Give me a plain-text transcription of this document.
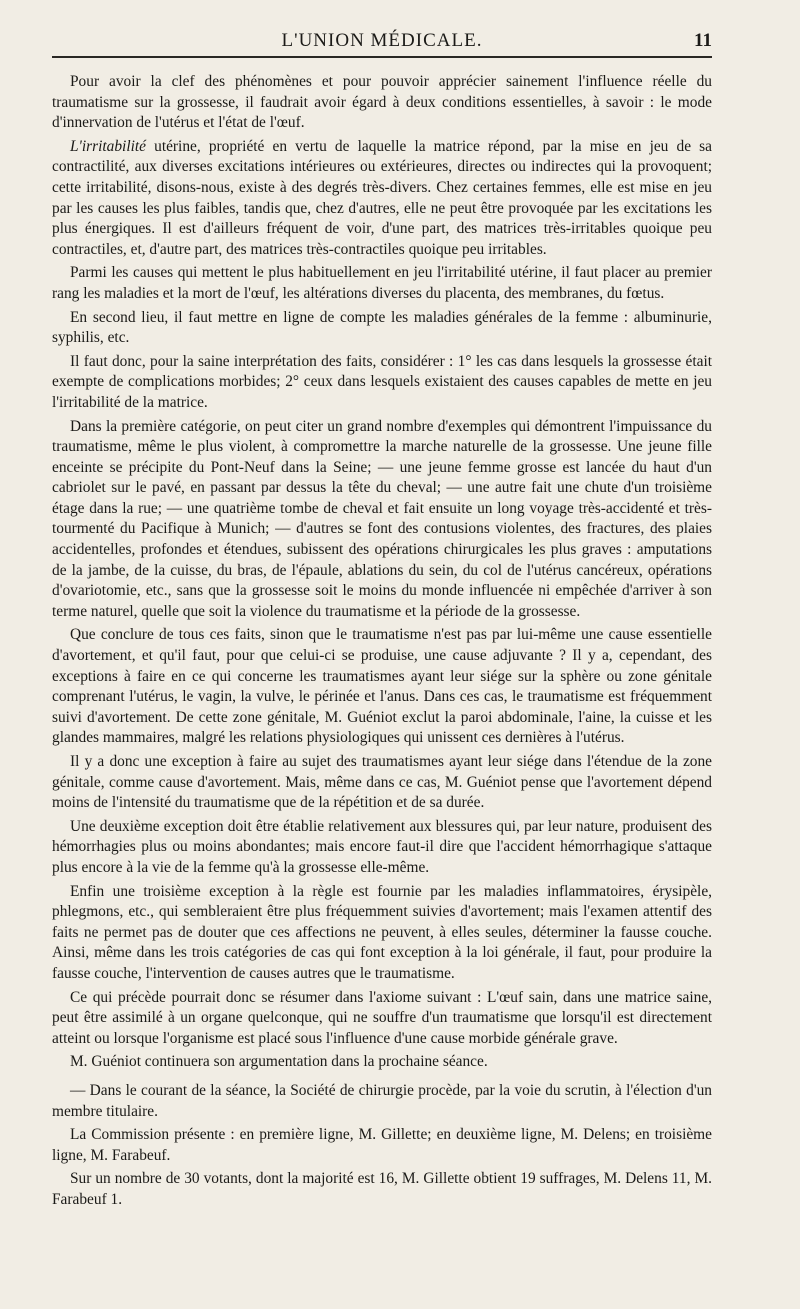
L'UNION MÉDICALE.	11

Pour avoir la clef des phénomènes et pour pouvoir apprécier sainement l'influence réelle du traumatisme sur la grossesse, il faudrait avoir égard à deux conditions essentielles, à savoir : le mode d'innervation de l'utérus et l'état de l'œuf.

L'irritabilité utérine, propriété en vertu de laquelle la matrice répond, par la mise en jeu de sa contractilité, aux diverses excitations intérieures ou extérieures, directes ou indirectes qui la provoquent; cette irritabilité, disons-nous, existe à des degrés très-divers. Chez certaines femmes, elle est mise en jeu par les causes les plus faibles, tandis que, chez d'autres, elle ne peut être provoquée par les excitations les plus énergiques. Il est d'ailleurs fréquent de voir, d'une part, des matrices très-irritables quoique peu contractiles, et, d'autre part, des matrices très-contractiles quoique peu irritables.

Parmi les causes qui mettent le plus habituellement en jeu l'irritabilité utérine, il faut placer au premier rang les maladies et la mort de l'œuf, les altérations diverses du placenta, des membranes, du fœtus.

En second lieu, il faut mettre en ligne de compte les maladies générales de la femme : albuminurie, syphilis, etc.

Il faut donc, pour la saine interprétation des faits, considérer : 1° les cas dans lesquels la grossesse était exempte de complications morbides; 2° ceux dans lesquels existaient des causes capables de mette en jeu l'irritabilité de la matrice.

Dans la première catégorie, on peut citer un grand nombre d'exemples qui démontrent l'impuissance du traumatisme, même le plus violent, à compromettre la marche naturelle de la grossesse. Une jeune fille enceinte se précipite du Pont-Neuf dans la Seine; — une jeune femme grosse est lancée du haut d'un cabriolet sur le pavé, en passant par dessus la tête du cheval; — une autre fait une chute d'un troisième étage dans la rue; — une quatrième tombe de cheval et fait ensuite un long voyage très-accidenté et très-tourmenté du Pacifique à Munich; — d'autres se font des contusions violentes, des fractures, des plaies accidentelles, profondes et étendues, subissent des opérations chirurgicales les plus graves : amputations de la jambe, de la cuisse, du bras, de l'épaule, ablations du sein, du col de l'utérus cancéreux, opérations d'ovariotomie, etc., sans que la grossesse soit le moins du monde influencée ni empêchée d'arriver à son terme naturel, quelle que soit la violence du traumatisme et la période de la grossesse.

Que conclure de tous ces faits, sinon que le traumatisme n'est pas par lui-même une cause essentielle d'avortement, et qu'il faut, pour que celui-ci se produise, une cause adjuvante ? Il y a, cependant, des exceptions à faire en ce qui concerne les traumatismes ayant leur siége sur la sphère ou zone génitale comprenant l'utérus, le vagin, la vulve, le périnée et l'anus. Dans ces cas, le traumatisme est fréquemment suivi d'avortement. De cette zone génitale, M. Guéniot exclut la paroi abdominale, l'aine, la cuisse et les glandes mammaires, malgré les relations physiologiques qui unissent ces dernières à l'utérus.

Il y a donc une exception à faire au sujet des traumatismes ayant leur siége dans l'étendue de la zone génitale, comme cause d'avortement. Mais, même dans ce cas, M. Guéniot pense que l'avortement dépend moins de l'intensité du traumatisme que de la répétition et de sa durée.

Une deuxième exception doit être établie relativement aux blessures qui, par leur nature, produisent des hémorrhagies plus ou moins abondantes; mais encore faut-il dire que l'accident hémorrhagique s'attaque plus encore à la vie de la femme qu'à la grossesse elle-même.

Enfin une troisième exception à la règle est fournie par les maladies inflammatoires, érysipèle, phlegmons, etc., qui sembleraient être plus fréquemment suivies d'avortement; mais l'examen attentif des faits ne permet pas de douter que ces affections ne peuvent, à elles seules, déterminer la fausse couche. Ainsi, même dans les trois catégories de cas qui font exception à la loi générale, il faut, pour produire la fausse couche, l'intervention de causes autres que le traumatisme.

Ce qui précède pourrait donc se résumer dans l'axiome suivant : L'œuf sain, dans une matrice saine, peut être assimilé à un organe quelconque, qui ne souffre d'un traumatisme que lorsqu'il est directement atteint ou lorsque l'organisme est placé sous l'influence d'une cause morbide générale grave.

M. Guéniot continuera son argumentation dans la prochaine séance.

— Dans le courant de la séance, la Société de chirurgie procède, par la voie du scrutin, à l'élection d'un membre titulaire.

La Commission présente : en première ligne, M. Gillette; en deuxième ligne, M. Delens; en troisième ligne, M. Farabeuf.

Sur un nombre de 30 votants, dont la majorité est 16, M. Gillette obtient 19 suffrages, M. Delens 11, M. Farabeuf 1.
